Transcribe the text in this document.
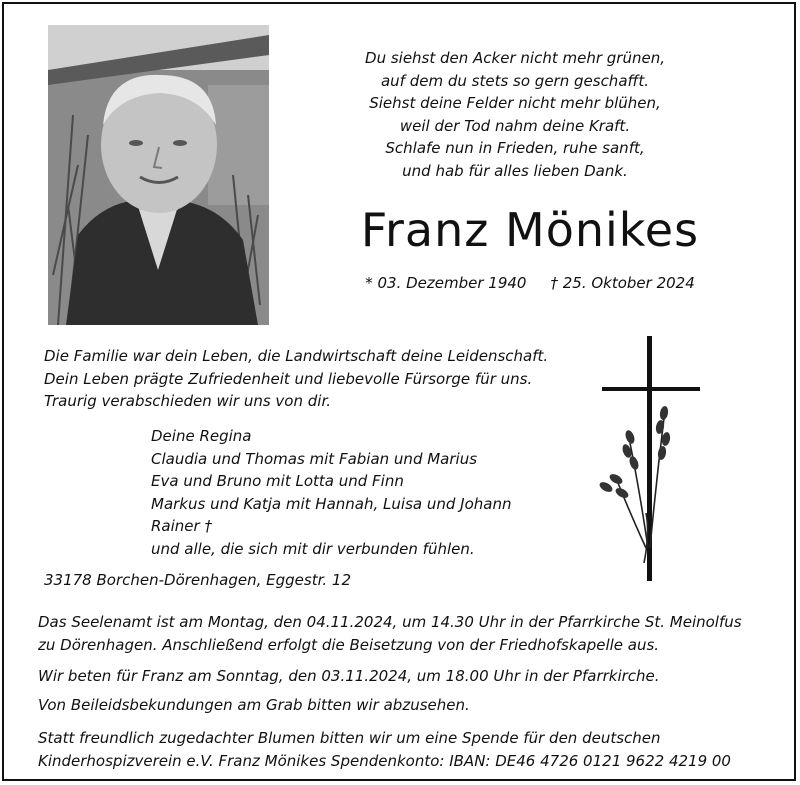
Du siehst den Acker nicht mehr grünen,
auf dem du stets so gern geschafft.
Siehst deine Felder nicht mehr blühen,
weil der Tod nahm deine Kraft.
Schlafe nun in Frieden, ruhe sanft,
und hab für alles lieben Dank.
Franz Mönikes
* 03. Dezember 1940 † 25. Oktober 2024
Die Familie war dein Leben, die Landwirtschaft deine Leidenschaft.
Dein Leben prägte Zufriedenheit und liebevolle Fürsorge für uns.
Traurig verabschieden wir uns von dir.
Deine Regina
Claudia und Thomas mit Fabian und Marius
Eva und Bruno mit Lotta und Finn
Markus und Katja mit Hannah, Luisa und Johann
Rainer †
und alle, die sich mit dir verbunden fühlen.
33178 Borchen-Dörenhagen, Eggestr. 12
Das Seelenamt ist am Montag, den 04.11.2024, um 14.30 Uhr in der Pfarrkirche St. Meinolfus
zu Dörenhagen. Anschließend erfolgt die Beisetzung von der Friedhofskapelle aus.
Wir beten für Franz am Sonntag, den 03.11.2024, um 18.00 Uhr in der Pfarrkirche.
Von Beileidsbekundungen am Grab bitten wir abzusehen.
Statt freundlich zugedachter Blumen bitten wir um eine Spende für den deutschen
Kinderhospizverein e.V. Franz Mönikes Spendenkonto: IBAN: DE46 4726 0121 9622 4219 00
